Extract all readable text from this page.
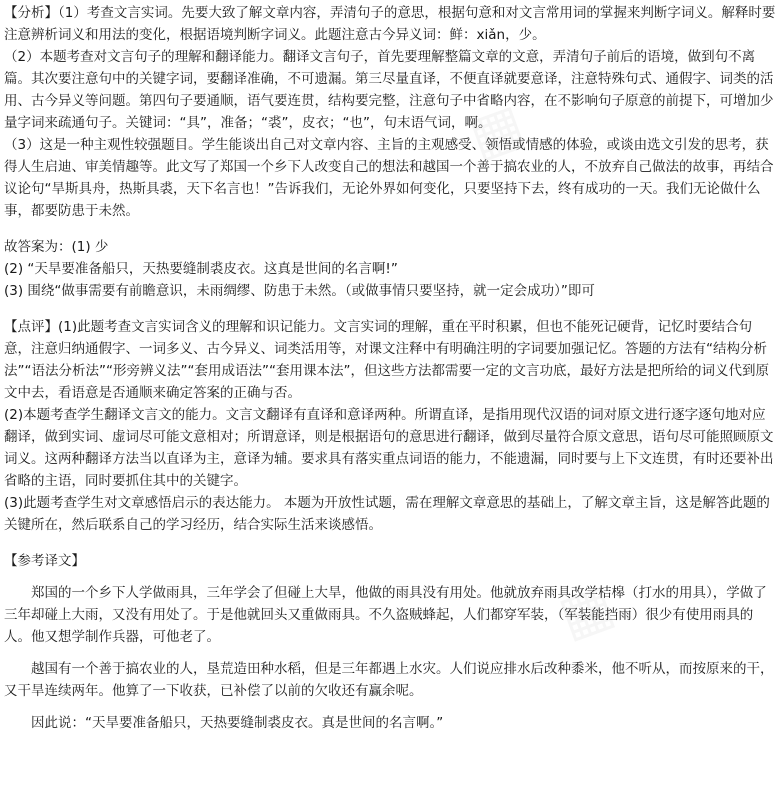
【分析】（1）考查文言实词。先要大致了解文章内容，弄清句子的意思，根据句意和对文言常用词的掌握来判断字词义。解释时要注意辨析词义和用法的变化，根据语境判断字词义。此题注意古今异义词：鲜：xiǎn，少。

（2）本题考查对文言句子的理解和翻译能力。翻译文言句子，首先要理解整篇文章的文意，弄清句子前后的语境，做到句不离篇。其次要注意句中的关键字词，要翻译准确，不可遗漏。第三尽量直译，不便直译就要意译，注意特殊句式、通假字、词类的活用、古今异义等问题。第四句子要通顺，语气要连贯，结构要完整，注意句子中省略内容，在不影响句子原意的前提下，可增加少量字词来疏通句子。关键词：“具”，准备；“裘”，皮衣；“也”，句末语气词，啊。

（3）这是一种主观性较强题目。学生能谈出自己对文章内容、主旨的主观感受、领悟或情感的体验，或谈由选文引发的思考，获得人生启迪、审美情趣等。此文写了郑国一个乡下人改变自己的想法和越国一个善于搞农业的人，不放弃自己做法的故事，再结合议论句“旱斯具舟，热斯具裘，天下名言也！”告诉我们，无论外界如何变化，只要坚持下去，终有成功的一天。我们无论做什么事，都要防患于未然。

故答案为：(1) 少

(2) “天旱要准备船只，天热要缝制裘皮衣。这真是世间的名言啊!”

(3) 围绕“做事需要有前瞻意识，未雨绸缪、防患于未然。（或做事情只要坚持，就一定会成功）”即可

【点评】(1)此题考查文言实词含义的理解和识记能力。文言实词的理解，重在平时积累，但也不能死记硬背，记忆时要结合句意，注意归纳通假字、一词多义、古今异义、词类活用等，对课文注释中有明确注明的字词要加强记忆。答题的方法有“结构分析法”“语法分析法”“形旁辨义法”“套用成语法”“套用课本法”，但这些方法都需要一定的文言功底，最好方法是把所给的词义代到原文中去，看语意是否通顺来确定答案的正确与否。

(2)本题考查学生翻译文言文的能力。文言文翻译有直译和意译两种。所谓直译，是指用现代汉语的词对原文进行逐字逐句地对应翻译，做到实词、虚词尽可能文意相对；所谓意译，则是根据语句的意思进行翻译，做到尽量符合原文意思，语句尽可能照顾原文词义。这两种翻译方法当以直译为主，意译为辅。要求具有落实重点词语的能力，不能遗漏，同时要与上下文连贯，有时还要补出省略的主语，同时要抓住其中的关键字。

(3)此题考查学生对文章感悟启示的表达能力。 本题为开放性试题，需在理解文章意思的基础上，了解文章主旨，这是解答此题的关键所在，然后联系自己的学习经历，结合实际生活来谈感悟。

【参考译文】

郑国的一个乡下人学做雨具，三年学会了但碰上大旱，他做的雨具没有用处。他就放弃雨具改学桔槔（打水的用具），学做了三年却碰上大雨，又没有用处了。于是他就回头又重做雨具。不久盗贼蜂起，人们都穿军装，（军装能挡雨）很少有使用雨具的人。他又想学制作兵器，可他老了。

越国有一个善于搞农业的人，垦荒造田种水稻，但是三年都遇上水灾。人们说应排水后改种黍米，他不听从，而按原来的干，又干旱连续两年。他算了一下收获，已补偿了以前的欠收还有赢余呢。

因此说：“天旱要准备船只，天热要缝制裘皮衣。真是世间的名言啊。”
